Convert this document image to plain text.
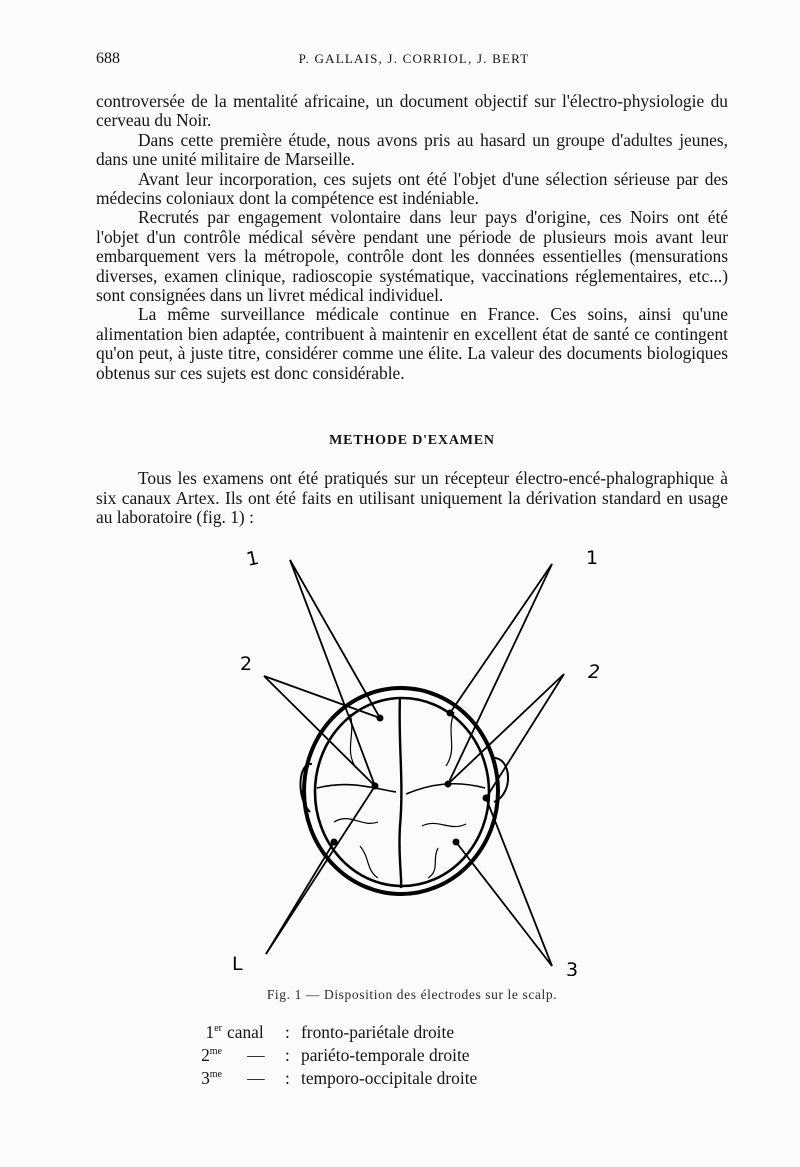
688	P. GALLAIS, J. CORRIOL, J. BERT

controversée de la mentalité africaine, un document objectif sur l'électro-physiologie du cerveau du Noir.

Dans cette première étude, nous avons pris au hasard un groupe d'adultes jeunes, dans une unité militaire de Marseille.

Avant leur incorporation, ces sujets ont été l'objet d'une sélection sérieuse par des médecins coloniaux dont la compétence est indéniable.

Recrutés par engagement volontaire dans leur pays d'origine, ces Noirs ont été l'objet d'un contrôle médical sévère pendant une période de plusieurs mois avant leur embarquement vers la métropole, contrôle dont les données essentielles (mensurations diverses, examen clinique, radioscopie systématique, vaccinations réglementaires, etc...) sont consignées dans un livret médical individuel.

La même surveillance médicale continue en France. Ces soins, ainsi qu'une alimentation bien adaptée, contribuent à maintenir en excellent état de santé ce contingent qu'on peut, à juste titre, considérer comme une élite. La valeur des documents biologiques obtenus sur ces sujets est donc considérable.

METHODE D'EXAMEN

Tous les examens ont été pratiqués sur un récepteur électro-encé-phalographique à six canaux Artex. Ils ont été faits en utilisant uniquement la dérivation standard en usage au laboratoire (fig. 1) :

1	1
2	2
L	3
Fig. 1 — Disposition des électrodes sur le scalp.
1er canal : fronto-pariétale droite
$2^{me}$ — : pariéto-temporale droite
$3^{me}$ — : temporo-occipitale droite
